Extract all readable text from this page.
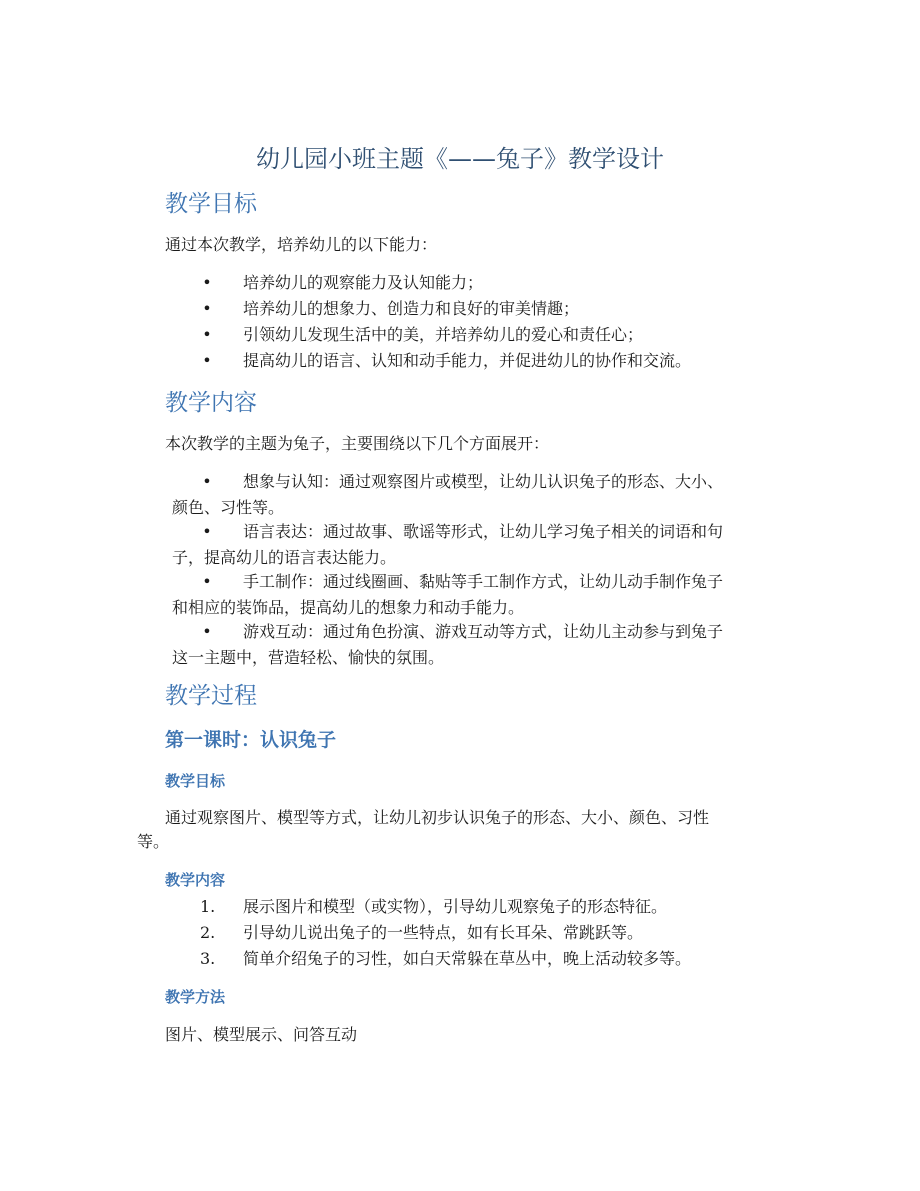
幼儿园小班主题《——兔子》教学设计
教学目标

通过本次教学，培养幼儿的以下能力：

• 培养幼儿的观察能力及认知能力；
• 培养幼儿的想象力、创造力和良好的审美情趣；
• 引领幼儿发现生活中的美，并培养幼儿的爱心和责任心；
• 提高幼儿的语言、认知和动手能力，并促进幼儿的协作和交流。
教学内容

本次教学的主题为兔子，主要围绕以下几个方面展开：

•	想象与认知：通过观察图片或模型，让幼儿认识兔子的形态、大小、
颜色、习性等。
•	语言表达：通过故事、歌谣等形式，让幼儿学习兔子相关的词语和句
子，提高幼儿的语言表达能力。
•	手工制作：通过线圈画、黏贴等手工制作方式，让幼儿动手制作兔子
和相应的装饰品，提高幼儿的想象力和动手能力。
•	游戏互动：通过角色扮演、游戏互动等方式，让幼儿主动参与到兔子
这一主题中，营造轻松、愉快的氛围。
教学过程
第一课时：认识兔子
教学目标

通过观察图片、模型等方式，让幼儿初步认识兔子的形态、大小、颜色、习性

等。

教学内容
1.	展示图片和模型（或实物），引导幼儿观察兔子的形态特征。
2.	引导幼儿说出兔子的一些特点，如有长耳朵、常跳跃等。
3.	简单介绍兔子的习性，如白天常躲在草丛中，晚上活动较多等。
教学方法

图片、模型展示、问答互动
